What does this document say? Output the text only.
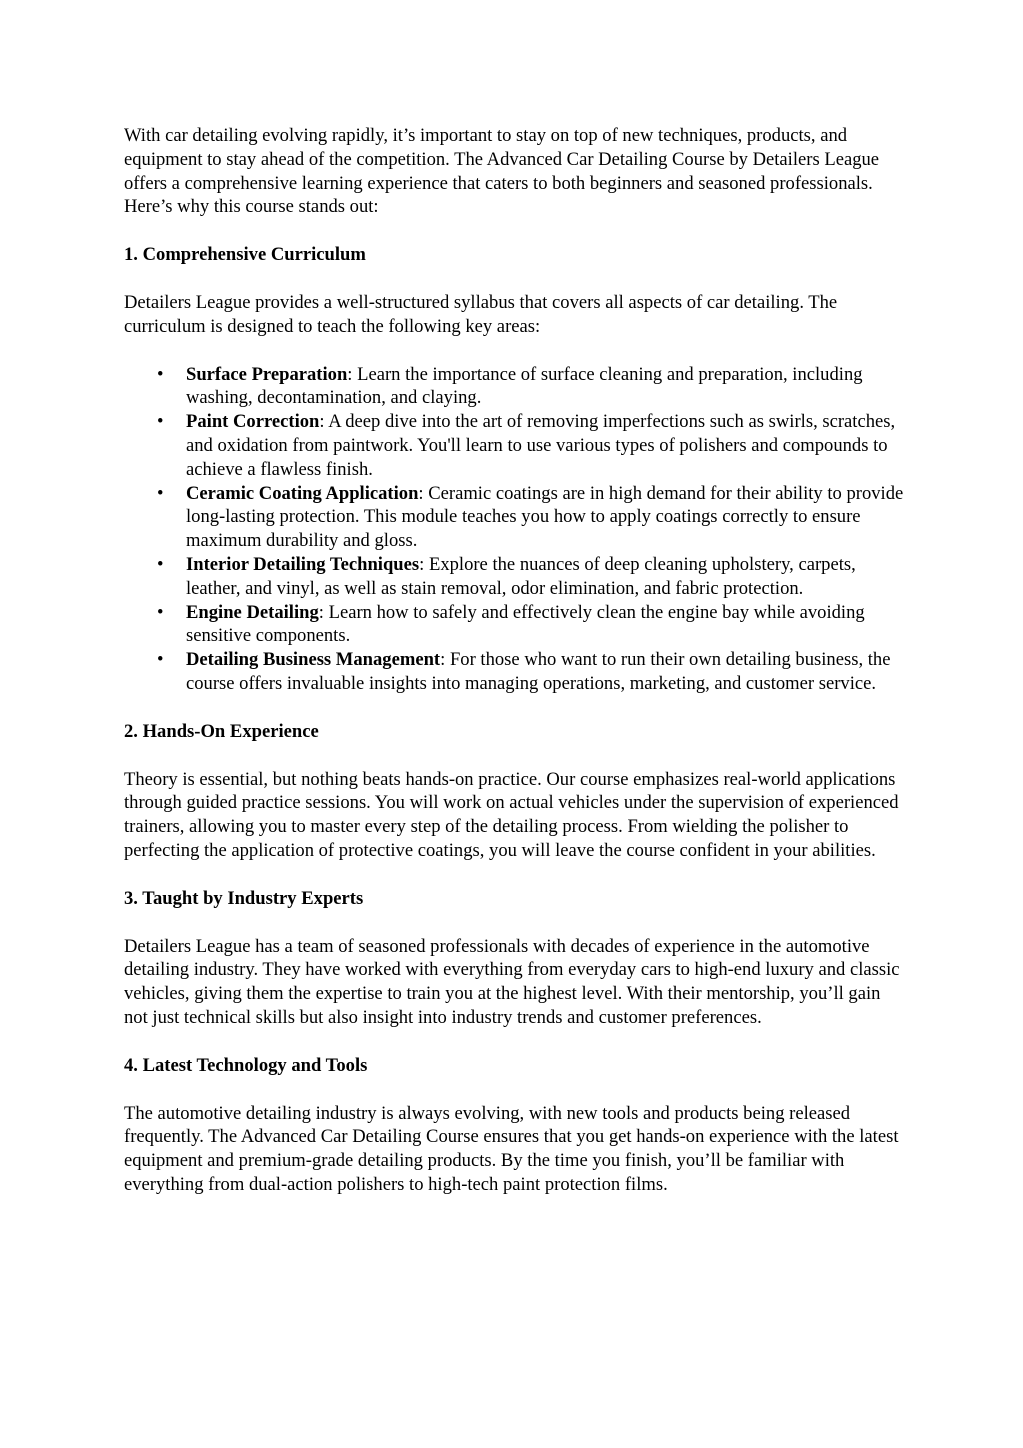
With car detailing evolving rapidly, it’s important to stay on top of new techniques, products, and equipment to stay ahead of the competition. The Advanced Car Detailing Course by Detailers League offers a comprehensive learning experience that caters to both beginners and seasoned professionals. Here’s why this course stands out:

1. Comprehensive Curriculum

Detailers League provides a well-structured syllabus that covers all aspects of car detailing. The curriculum is designed to teach the following key areas:

• Surface Preparation: Learn the importance of surface cleaning and preparation, including washing, decontamination, and claying.
• Paint Correction: A deep dive into the art of removing imperfections such as swirls, scratches, and oxidation from paintwork. You'll learn to use various types of polishers and compounds to achieve a flawless finish.
• Ceramic Coating Application: Ceramic coatings are in high demand for their ability to provide long-lasting protection. This module teaches you how to apply coatings correctly to ensure maximum durability and gloss.
• Interior Detailing Techniques: Explore the nuances of deep cleaning upholstery, carpets, leather, and vinyl, as well as stain removal, odor elimination, and fabric protection.
• Engine Detailing: Learn how to safely and effectively clean the engine bay while avoiding sensitive components.
• Detailing Business Management: For those who want to run their own detailing business, the course offers invaluable insights into managing operations, marketing, and customer service.
2. Hands-On Experience

Theory is essential, but nothing beats hands-on practice. Our course emphasizes real-world applications through guided practice sessions. You will work on actual vehicles under the supervision of experienced trainers, allowing you to master every step of the detailing process. From wielding the polisher to perfecting the application of protective coatings, you will leave the course confident in your abilities.

3. Taught by Industry Experts

Detailers League has a team of seasoned professionals with decades of experience in the automotive detailing industry. They have worked with everything from everyday cars to high-end luxury and classic vehicles, giving them the expertise to train you at the highest level. With their mentorship, you’ll gain not just technical skills but also insight into industry trends and customer preferences.

4. Latest Technology and Tools

The automotive detailing industry is always evolving, with new tools and products being released frequently. The Advanced Car Detailing Course ensures that you get hands-on experience with the latest equipment and premium-grade detailing products. By the time you finish, you’ll be familiar with everything from dual-action polishers to high-tech paint protection films.
